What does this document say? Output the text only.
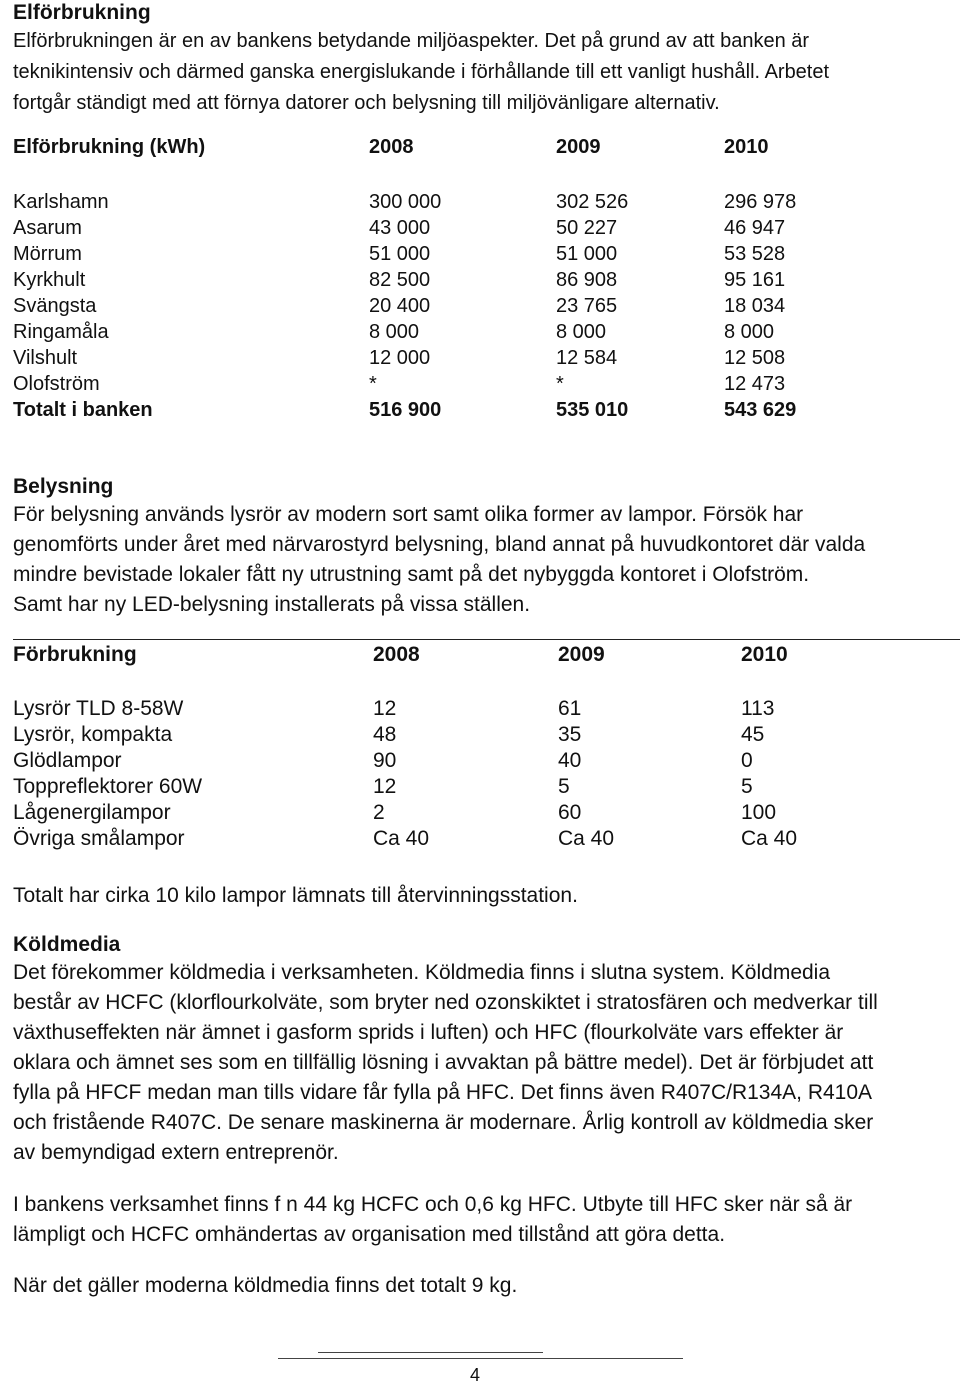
Elförbrukning

Elförbrukningen är en av bankens betydande miljöaspekter. Det på grund av att banken är

teknikintensiv och därmed ganska energislukande i förhållande till ett vanligt hushåll. Arbetet

fortgår ständigt med att förnya datorer och belysning till miljövänligare alternativ.

Elförbrukning (kWh)	2008	2009	2010
Karlshamn	300 000	302 526	296 978
Asarum	43 000	50 227	46 947
Mörrum	51 000	51 000	53 528
Kyrkhult	82 500	86 908	95 161
Svängsta	20 400	23 765	18 034
Ringamåla	8 000	8 000	8 000
Vilshult	12 000	12 584	12 508
Olofström	*	*	12 473
Totalt i banken	516 900	535 010	543 629
Belysning

För belysning används lysrör av modern sort samt olika former av lampor. Försök har

genomförts under året med närvarostyrd belysning, bland annat på huvudkontoret där valda

mindre bevistade lokaler fått ny utrustning samt på det nybyggda kontoret i Olofström.

Samt har ny LED-belysning installerats på vissa ställen.

Förbrukning	2008	2009	2010
Lysrör TLD 8-58W	12	61	113
Lysrör, kompakta	48	35	45
Glödlampor	90	40	0
Toppreflektorer 60W	12	5	5
Lågenergilampor	2	60	100
Övriga smålampor	Ca 40	Ca 40	Ca 40

Totalt har cirka 10 kilo lampor lämnats till återvinningsstation.

Köldmedia

Det förekommer köldmedia i verksamheten. Köldmedia finns i slutna system. Köldmedia

består av HCFC (klorflourkolväte, som bryter ned ozonskiktet i stratosfären och medverkar till

växthuseffekten när ämnet i gasform sprids i luften) och HFC (flourkolväte vars effekter är

oklara och ämnet ses som en tillfällig lösning i avvaktan på bättre medel). Det är förbjudet att

fylla på HFCF medan man tills vidare får fylla på HFC. Det finns även R407C/R134A, R410A

och fristående R407C. De senare maskinerna är modernare. Årlig kontroll av köldmedia sker

av bemyndigad extern entreprenör.

I bankens verksamhet finns f n 44 kg HCFC och 0,6 kg HFC. Utbyte till HFC sker när så är

lämpligt och HCFC omhändertas av organisation med tillstånd att göra detta.

När det gäller moderna köldmedia finns det totalt 9 kg.

4
